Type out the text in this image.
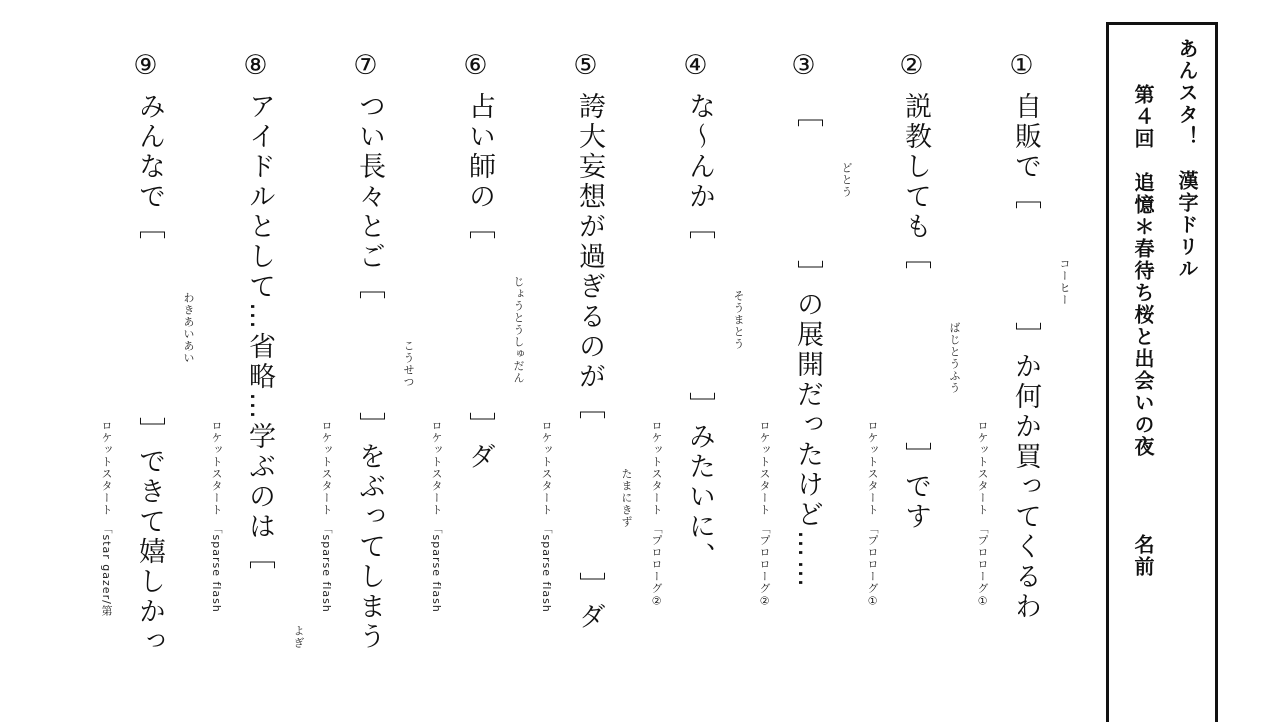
あんスタ！　漢字ドリル
第４回　追憶＊春待ち桜と出会いの夜
名前
①
自販で﹇﹈か何か買ってくるわ
コーヒー
ロケットスタート　「プロローグ①
②
説教しても﹇﹈です
ばじとうふう
ロケットスタート　「プロローグ①
③
﹇﹈の展開だったけど……
どとう
ロケットスタート　「プロローグ②
④
な～んか﹇﹈みたいに、
そうまとう
たまにきず ロケットスタート　「プロローグ②
⑤
誇大妄想が過ぎるのが﹇﹈ダ
ロケットスタート　「sparse flash
⑥
占い師の﹇﹈ダ
じょうとうしゅだん
ロケットスタート　「sparse flash
⑦
つい長々とご﹇﹈をぶってしまう
こうせつ
よぎ
ロケットスタート　「sparse flash
⑧
アイドルとして…省略…学ぶのは﹇
ロケットスタート　「sparse flash
⑨
みんなで﹇﹈できて嬉しかっ
わきあいあい
ロケットスタート　「star gazer/第
